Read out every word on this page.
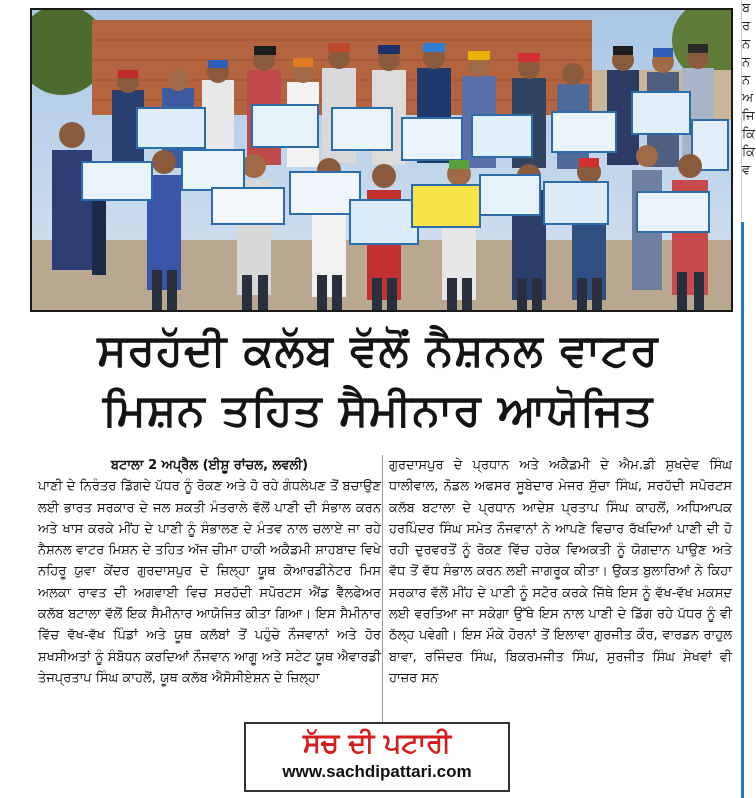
ਬ
ਰ
ਨ
ਨ
ਨ
ਅ
ਜਿ
ਕਿ
ਕਿ
ਵ
ਸਰਹੱਦੀ ਕਲੱਬ ਵੱਲੋਂ ਨੈਸ਼ਨਲ ਵਾਟਰ
ਮਿਸ਼ਨ ਤਹਿਤ ਸੈਮੀਨਾਰ ਆਯੋਜਿਤ

ਬਟਾਲਾ 2 ਅਪ੍ਰੈਲ (ਈਸ਼ੂ ਰਾਂਚਲ, ਲਵਲੀ)

ਪਾਣੀ ਦੇ ਨਿਰੰਤਰ ਡਿੱਗਦੇ ਪੱਧਰ ਨੂੰ ਰੋਕਣ ਅਤੇ ਹੋ ਰਹੇ ਗੰਧਲੇਪਣ ਤੋਂ ਬਚਾਉਣ ਲਈ ਭਾਰਤ ਸਰਕਾਰ ਦੇ ਜਲ ਸ਼ਕਤੀ ਮੰਤਰਾਲੇ ਵੱਲੋਂ ਪਾਣੀ ਦੀ ਸੰਭਾਲ ਕਰਨ ਅਤੇ ਖਾਸ ਕਰਕੇ ਮੀਂਹ ਦੇ ਪਾਣੀ ਨੂੰ ਸੰਭਾਲਣ ਦੇ ਮੰਤਵ ਨਾਲ ਚਲਾਏ ਜਾ ਰਹੇ ਨੈਸ਼ਨਲ ਵਾਟਰ ਮਿਸ਼ਨ ਦੇ ਤਹਿਤ ਅੱਜ ਚੀਮਾ ਹਾਕੀ ਅਕੈਡਮੀ ਸ਼ਾਹਬਾਦ ਵਿਖੇ ਨਹਿਰੂ ਯੁਵਾ ਕੇਂਦਰ ਗੁਰਦਾਸਪੁਰ ਦੇ ਜ਼ਿਲ੍ਹਾ ਯੂਥ ਕੋਆਰਡੀਨੇਟਰ ਮਿਸ ਅਲਕਾ ਰਾਵਤ ਦੀ ਅਗਵਾਈ ਵਿਚ ਸਰਹੱਦੀ ਸਪੋਰਟਸ ਐਂਡ ਵੈੱਲਫੇਅਰ ਕਲੱਬ ਬਟਾਲਾ ਵੱਲੋਂ ਇਕ ਸੈਮੀਨਾਰ ਆਯੋਜਿਤ ਕੀਤਾ ਗਿਆ। ਇਸ ਸੈਮੀਨਾਰ ਵਿੱਚ ਵੱਖ-ਵੱਖ ਪਿੰਡਾਂ ਅਤੇ ਯੂਥ ਕਲੱਬਾਂ ਤੋਂ ਪਹੁੰਚੇ ਨੌਜਵਾਨਾਂ ਅਤੇ ਹੋਰ ਸ਼ਖਸੀਅਤਾਂ ਨੂੰ ਸੰਬੋਧਨ ਕਰਦਿਆਂ ਨੌਜਵਾਨ ਆਗੂ ਅਤੇ ਸਟੇਟ ਯੂਥ ਐਵਾਰਡੀ ਤੇਜਪ੍ਰਤਾਪ ਸਿੰਘ ਕਾਹਲੋਂ, ਯੂਥ ਕਲੱਬ ਐਸੋਸੀਏਸ਼ਨ ਦੇ ਜ਼ਿਲ੍ਹਾ

ਗੁਰਦਾਸਪੁਰ ਦੇ ਪ੍ਰਧਾਨ ਅਤੇ ਅਕੈਡਮੀ ਦੇ ਐਮ.ਡੀ ਸੁਖਦੇਵ ਸਿੰਘ ਧਾਲੀਵਾਲ, ਨੋਡਲ ਅਫਸਰ ਸੂਬੇਦਾਰ ਮੇਜਰ ਸੁੱਚਾ ਸਿੰਘ, ਸਰਹੱਦੀ ਸਪੋਰਟਸ ਕਲੱਬ ਬਟਾਲਾ ਦੇ ਪ੍ਰਧਾਨ ਆਦੇਸ਼ ਪ੍ਰਤਾਪ ਸਿੰਘ ਕਾਹਲੋਂ, ਅਧਿਆਪਕ ਹਰਪਿੰਦਰ ਸਿੰਘ ਸਮੇਤ ਨੌਜਵਾਨਾਂ ਨੇ ਆਪਣੇ ਵਿਚਾਰ ਰੱਖਦਿਆਂ ਪਾਣੀ ਦੀ ਹੋ ਰਹੀ ਦੁਰਵਰਤੋਂ ਨੂੰ ਰੋਕਣ ਵਿੱਚ ਹਰੇਕ ਵਿਅਕਤੀ ਨੂੰ ਯੋਗਦਾਨ ਪਾਉਣ ਅਤੇ ਵੱਧ ਤੋਂ ਵੱਧ ਸੰਭਾਲ ਕਰਨ ਲਈ ਜਾਗਰੂਕ ਕੀਤਾ। ਉਕਤ ਬੁਲਾਰਿਆਂ ਨੇ ਕਿਹਾ ਸਰਕਾਰ ਵੱਲੋਂ ਮੀਂਹ ਦੇ ਪਾਣੀ ਨੂੰ ਸਟੋਰ ਕਰਕੇ ਜਿੱਥੇ ਇਸ ਨੂੰ ਵੱਖ-ਵੱਖ ਮਕਸਦ ਲਈ ਵਰਤਿਆ ਜਾ ਸਕੇਗਾ ਉੱਥੇ ਇਸ ਨਾਲ ਪਾਣੀ ਦੇ ਡਿੱਗ ਰਹੇ ਪੱਧਰ ਨੂੰ ਵੀ ਠੱਲ੍ਹ ਪਵੇਗੀ। ਇਸ ਮੌਕੇ ਹੋਰਨਾਂ ਤੋਂ ਇਲਾਵਾ ਗੁਰਜੀਤ ਕੌਰ, ਵਾਰਡਨ ਰਾਹੁਲ ਬਾਵਾ, ਰਜਿੰਦਰ ਸਿੰਘ, ਬਿਕਰਮਜੀਤ ਸਿੰਘ, ਸੁਰਜੀਤ ਸਿੰਘ ਸੇਖਵਾਂ ਵੀ ਹਾਜ਼ਰ ਸਨ

ਸੱਚ ਦੀ ਪਟਾਰੀ
www.sachdipattari.com
